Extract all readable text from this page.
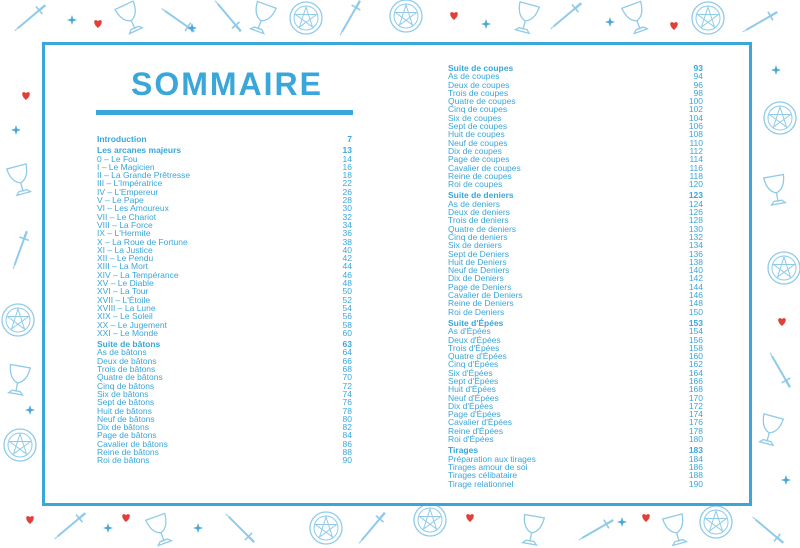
SOMMAIRE
Introduction	7
Les arcanes majeurs	13
0 – Le Fou	14
I – Le Magicien	16
II – La Grande Prêtresse	18
III – L'Impératrice	22
IV – L'Empereur	26
V – Le Pape	28
VI – Les Amoureux	30
VII – Le Chariot	32
VIII – La Force	34
IX – L'Hermite	36
X – La Roue de Fortune	38
XI – La Justice	40
XII – Le Pendu	42
XIII – La Mort	44
XIV – La Tempérance	46
XV – Le Diable	48
XVI – La Tour	50
XVII – L'Étoile	52
XVIII – La Lune	54
XIX – Le Soleil	56
XX – Le Jugement	58
XXI – Le Monde	60
Suite de bâtons	63
As de bâtons	64
Deux de bâtons	66
Trois de bâtons	68
Quatre de bâtons	70
Cinq de bâtons	72
Six de bâtons	74
Sept de bâtons	76
Huit de bâtons	78
Neuf de bâtons	80
Dix de bâtons	82
Page de bâtons	84
Cavalier de bâtons	86
Reine de bâtons	88
Roi de bâtons	90
Suite de coupes	93
As de coupes	94
Deux de coupes	96
Trois de coupes	98
Quatre de coupes	100
Cinq de coupes	102
Six de coupes	104
Sept de coupes	106
Huit de coupes	108
Neuf de coupes	110
Dix de coupes	112
Page de coupes	114
Cavalier de coupes	116
Reine de coupes	118
Roi de coupes	120
Suite de deniers	123
As de deniers	124
Deux de deniers	126
Trois de deniers	128
Quatre de deniers	130
Cinq de deniers	132
Six de deniers	134
Sept de Deniers	136
Huit de Deniers	138
Neuf de Deniers	140
Dix de Deniers	142
Page de Deniers	144
Cavalier de Deniers	146
Reine de Deniers	148
Roi de Deniers	150
Suite d'Épées	153
As d'Épées	154
Deux d'Épées	156
Trois d'Épées	158
Quatre d'Épées	160
Cinq d'Épées	162
Six d'Épées	164
Sept d'Épées	166
Huit d'Épées	168
Neuf d'Épées	170
Dix d'Épées	172
Page d'Épées	174
Cavalier d'Épées	176
Reine d'Épées	178
Roi d'Épées	180
Tirages	183
Préparation aux tirages	184
Tirages amour de soi	186
Tirages célibataire	188
Tirage relationnel	190
